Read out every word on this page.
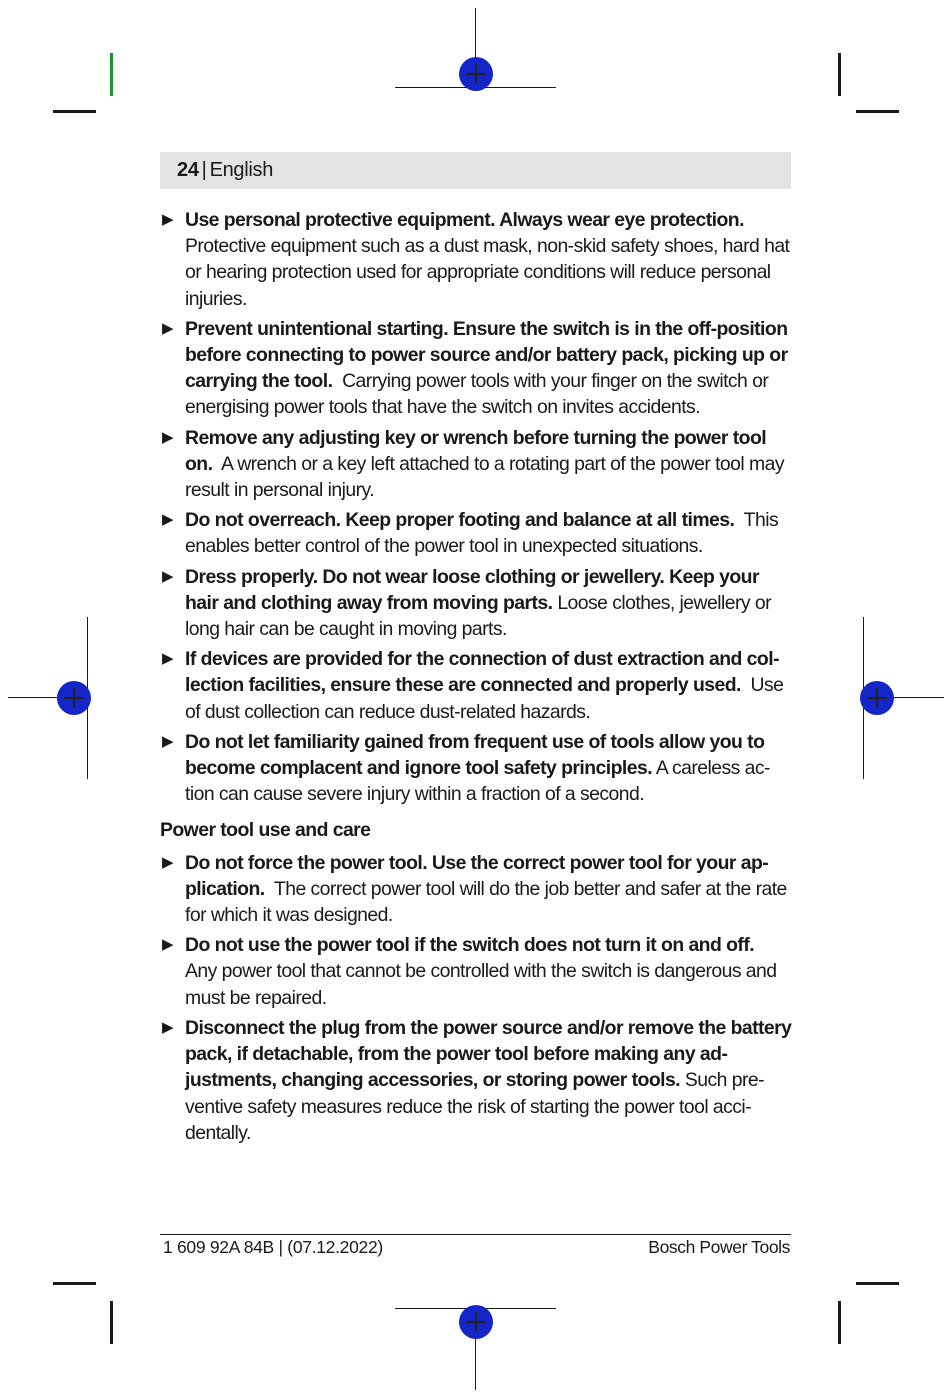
24 | English
▶ Use personal protective equipment. Always wear eye protection.
Protective equipment such as a dust mask, non-skid safety shoes, hard hat or hearing protection used for appropriate conditions will reduce personal injuries.
▶ Prevent unintentional starting. Ensure the switch is in the off-position before connecting to power source and/or battery pack, picking up or carrying the tool. Carrying power tools with your finger on the switch or energising power tools that have the switch on invites accidents.
▶ Remove any adjusting key or wrench before turning the power tool on. A wrench or a key left attached to a rotating part of the power tool may result in personal injury.
▶ Do not overreach. Keep proper footing and balance at all times. This enables better control of the power tool in unexpected situations.
▶ Dress properly. Do not wear loose clothing or jewellery. Keep your hair and clothing away from moving parts. Loose clothes, jewellery or long hair can be caught in moving parts.
▶ If devices are provided for the connection of dust extraction and collection facilities, ensure these are connected and properly used. Use of dust collection can reduce dust-related hazards.
▶ Do not let familiarity gained from frequent use of tools allow you to become complacent and ignore tool safety principles. A careless action can cause severe injury within a fraction of a second.
Power tool use and care
▶ Do not force the power tool. Use the correct power tool for your application. The correct power tool will do the job better and safer at the rate for which it was designed.
▶ Do not use the power tool if the switch does not turn it on and off.
Any power tool that cannot be controlled with the switch is dangerous and must be repaired.
▶ Disconnect the plug from the power source and/or remove the battery pack, if detachable, from the power tool before making any adjustments, changing accessories, or storing power tools. Such preventive safety measures reduce the risk of starting the power tool accidentally.
1 609 92A 84B | (07.12.2022)	Bosch Power Tools
